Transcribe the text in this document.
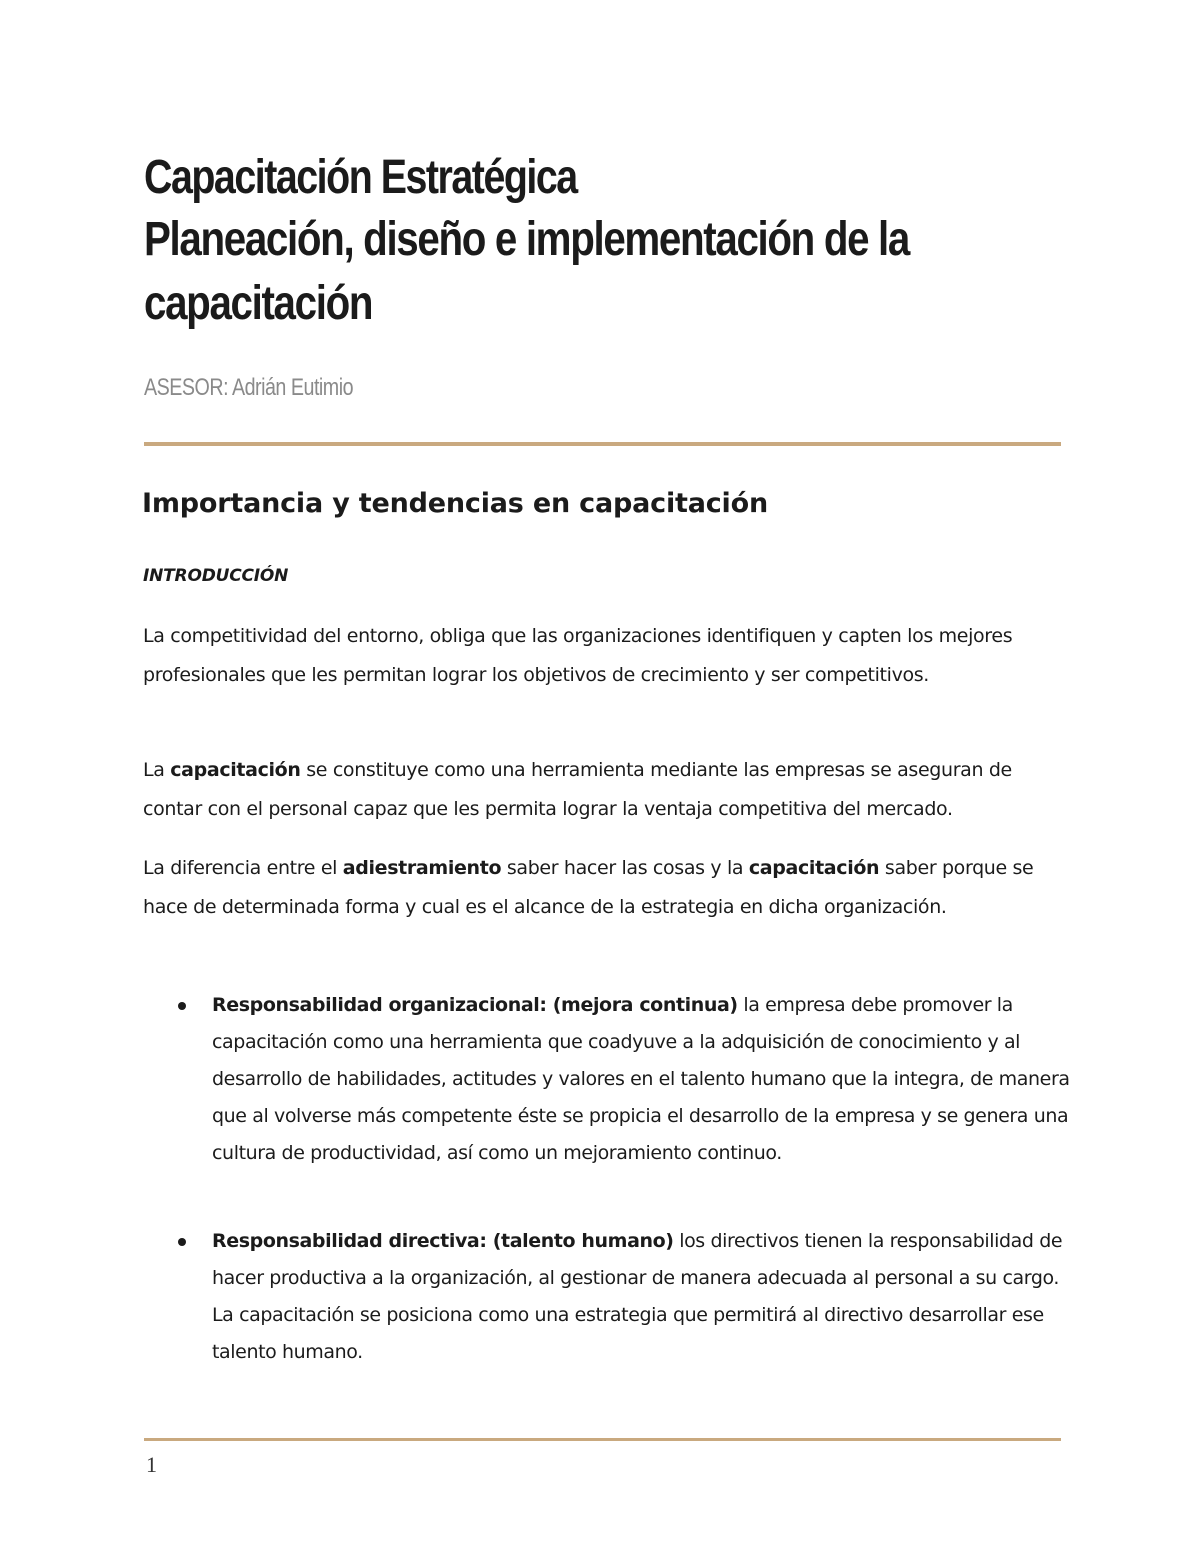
Capacitación Estratégica
Planeación, diseño e implementación de la capacitación
ASESOR: Adrián Eutimio
Importancia y tendencias en capacitación
INTRODUCCIÓN

La competitividad del entorno, obliga que las organizaciones identifiquen y capten los mejores profesionales que les permitan lograr los objetivos de crecimiento y ser competitivos.

La capacitación se constituye como una herramienta mediante las empresas se aseguran de contar con el personal capaz que les permita lograr la ventaja competitiva del mercado.

La diferencia entre el adiestramiento saber hacer las cosas y la capacitación saber porque se hace de determinada forma y cual es el alcance de la estrategia en dicha organización.

Responsabilidad organizacional: (mejora continua) la empresa debe promover la capacitación como una herramienta que coadyuve a la adquisición de conocimiento y al desarrollo de habilidades, actitudes y valores en el talento humano que la integra, de manera que al volverse más competente éste se propicia el desarrollo de la empresa y se genera una cultura de productividad, así como un mejoramiento continuo.
Responsabilidad directiva: (talento humano) los directivos tienen la responsabilidad de hacer productiva a la organización, al gestionar de manera adecuada al personal a su cargo. La capacitación se posiciona como una estrategia que permitirá al directivo desarrollar ese talento humano.
1
